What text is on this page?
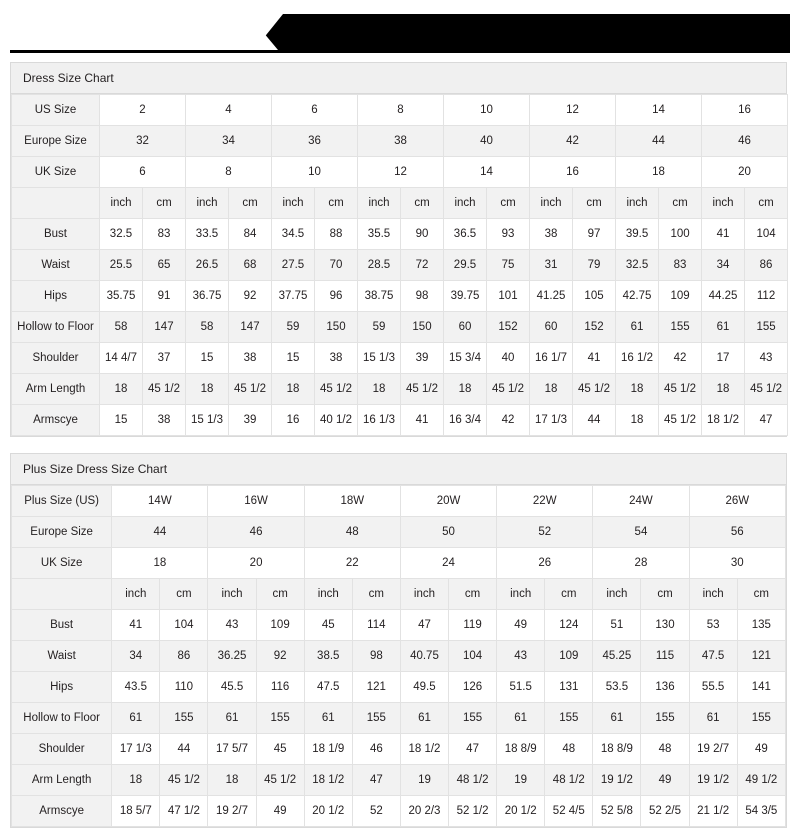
SIZE CHART:
Dress Size Chart
US Size	2		4		6		8		10		12		14		16	
Europe Size	32		34		36		38		40		42		44		46	
UK Size	6		8		10		12		14		16		18		20	
	inch	cm	inch	cm	inch	cm	inch	cm	inch	cm	inch	cm	inch	cm	inch	cm
Bust	32.5	83	33.5	84	34.5	88	35.5	90	36.5	93	38	97	39.5	100	41	104
Waist	25.5	65	26.5	68	27.5	70	28.5	72	29.5	75	31	79	32.5	83	34	86
Hips	35.75	91	36.75	92	37.75	96	38.75	98	39.75	101	41.25	105	42.75	109	44.25	112
Hollow to Floor	58	147	58	147	59	150	59	150	60	152	60	152	61	155	61	155
Shoulder	14 4/7	37	15	38	15	38	15 1/3	39	15 3/4	40	16 1/7	41	16 1/2	42	17	43
Arm Length	18	45 1/2	18	45 1/2	18	45 1/2	18	45 1/2	18	45 1/2	18	45 1/2	18	45 1/2	18	45 1/2
Armscye	15	38	15 1/3	39	16	40 1/2	16 1/3	41	16 3/4	42	17 1/3	44	18	45 1/2	18 1/2	47
Plus Size Dress Size Chart
Plus Size (US)	14W		16W		18W		20W		22W		24W		26W	
Europe Size	44		46		48		50		52		54		56	
UK Size	18		20		22		24		26		28		30	
	inch	cm	inch	cm	inch	cm	inch	cm	inch	cm	inch	cm	inch	cm
Bust	41	104	43	109	45	114	47	119	49	124	51	130	53	135
Waist	34	86	36.25	92	38.5	98	40.75	104	43	109	45.25	115	47.5	121
Hips	43.5	110	45.5	116	47.5	121	49.5	126	51.5	131	53.5	136	55.5	141
Hollow to Floor	61	155	61	155	61	155	61	155	61	155	61	155	61	155
Shoulder	17 1/3	44	17 5/7	45	18 1/9	46	18 1/2	47	18 8/9	48	18 8/9	48	19 2/7	49
Arm Length	18	45 1/2	18	45 1/2	18 1/2	47	19	48 1/2	19	48 1/2	19 1/2	49	19 1/2	49 1/2
Armscye	18 5/7	47 1/2	19 2/7	49	20 1/2	52	20 2/3	52 1/2	20 1/2	52 4/5	52 5/8	52 2/5	21 1/2	54 3/5
